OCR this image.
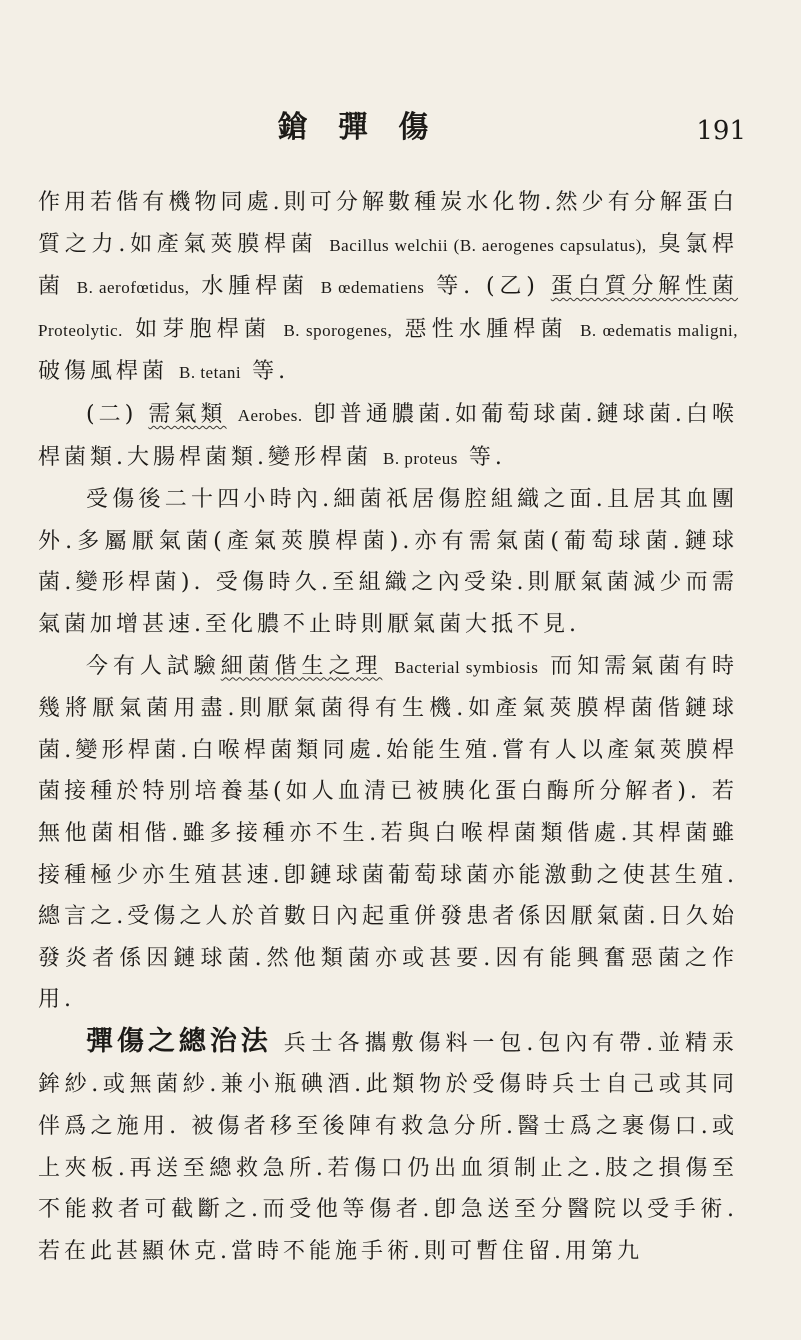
鎗 彈 傷	191

作用若偕有機物同處.則可分解數種炭水化物.然少有分解蛋白質之力.如產氣莢膜桿菌 Bacillus welchii (B. aerogenes capsulatus), 臭氯桿菌 B. aerofœtidus, 水腫桿菌 B œdematiens 等. (乙) 蛋白質分解性菌 Proteolytic. 如芽胞桿菌 B. sporogenes, 惡性水腫桿菌 B. œdematis maligni, 破傷風桿菌 B. tetani 等.

(二) 需氣類 Aerobes. 卽普通膿菌.如葡萄球菌.鏈球菌.白喉桿菌類.大腸桿菌類.變形桿菌 B. proteus 等.

受傷後二十四小時內.細菌祇居傷腔組織之面.且居其血團外.多屬厭氣菌(產氣莢膜桿菌).亦有需氣菌(葡萄球菌.鏈球菌.變形桿菌). 受傷時久.至組織之內受染.則厭氣菌減少而需氣菌加增甚速.至化膿不止時則厭氣菌大抵不見.

今有人試驗細菌偕生之理 Bacterial symbiosis 而知需氣菌有時幾將厭氣菌用盡.則厭氣菌得有生機.如產氣莢膜桿菌偕鏈球菌.變形桿菌.白喉桿菌類同處.始能生殖.嘗有人以產氣莢膜桿菌接種於特別培養基(如人血清已被胰化蛋白酶所分解者). 若無他菌相偕.雖多接種亦不生.若與白喉桿菌類偕處.其桿菌雖接種極少亦生殖甚速.卽鏈球菌葡萄球菌亦能激動之使甚生殖. 總言之.受傷之人於首數日內起重併發患者係因厭氣菌.日久始發炎者係因鏈球菌.然他類菌亦或甚要.因有能興奮惡菌之作用.

彈傷之總治法 兵士各攜敷傷料一包.包內有帶.並精汞鉾紗.或無菌紗.兼小瓶碘酒.此類物於受傷時兵士自己或其同伴爲之施用. 被傷者移至後陣有救急分所.醫士爲之裹傷口.或上夾板.再送至總救急所.若傷口仍出血須制止之.肢之損傷至不能救者可截斷之.而受他等傷者.卽急送至分醫院以受手術. 若在此甚顯休克.當時不能施手術.則可暫住留.用第九
